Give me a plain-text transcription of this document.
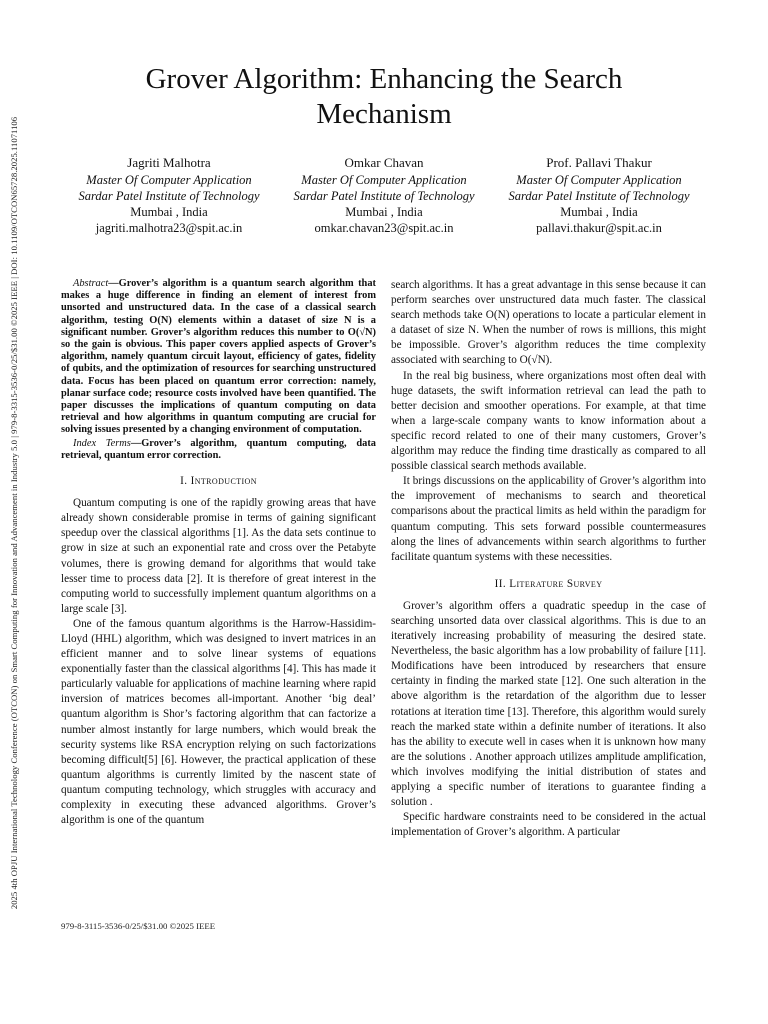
2025 4th OPJU International Technology Conference (OTCON) on Smart Computing for Innovation and Advancement in Industry 5.0 | 979-8-3315-3536-0/25/$31.00 ©2025 IEEE | DOI: 10.1109/OTCON65728.2025.11071106
Grover Algorithm: Enhancing the Search Mechanism
Jagriti Malhotra
Master Of Computer Application
Sardar Patel Institute of Technology
Mumbai , India
jagriti.malhotra23@spit.ac.in
Omkar Chavan
Master Of Computer Application
Sardar Patel Institute of Technology
Mumbai , India
omkar.chavan23@spit.ac.in
Prof. Pallavi Thakur
Master Of Computer Application
Sardar Patel Institute of Technology
Mumbai , India
pallavi.thakur@spit.ac.in

Abstract—Grover’s algorithm is a quantum search algorithm that makes a huge difference in finding an element of interest from unsorted and unstructured data. In the case of a classical search algorithm, testing O(N) elements within a dataset of size N is a significant number. Grover’s algorithm reduces this number to O(√N) so the gain is obvious. This paper covers applied aspects of Grover’s algorithm, namely quantum circuit layout, efficiency of gates, fidelity of qubits, and the optimization of resources for searching unstructured data. Focus has been placed on quantum error correction: namely, planar surface code; resource costs involved have been quantified. The paper discusses the implications of quantum computing on data retrieval and how algorithms in quantum computing are crucial for solving issues presented by a changing environment of computation.

Index Terms—Grover’s algorithm, quantum computing, data retrieval, quantum error correction.

I. Introduction

Quantum computing is one of the rapidly growing areas that have already shown considerable promise in terms of gaining significant speedup over the classical algorithms [1]. As the data sets continue to grow in size at such an exponential rate and cross over the Petabyte volumes, there is growing demand for algorithms that would take lesser time to process data [2]. It is therefore of great interest in the computing world to successfully implement quantum algorithms on a large scale [3].

One of the famous quantum algorithms is the Harrow-Hassidim-Lloyd (HHL) algorithm, which was designed to invert matrices in an efficient manner and to solve linear systems of equations exponentially faster than the classical algorithms [4]. This has made it particularly valuable for applications of machine learning where rapid inversion of matrices becomes all-important. Another ‘big deal’ quantum algorithm is Shor’s factoring algorithm that can factorize a number almost instantly for large numbers, which would break the security systems like RSA encryption relying on such factorizations becoming difficult[5] [6]. However, the practical application of these quantum algorithms is currently limited by the nascent state of quantum computing technology, which struggles with accuracy and complexity in executing these advanced algorithms. Grover’s algorithm is one of the quantum

search algorithms. It has a great advantage in this sense because it can perform searches over unstructured data much faster. The classical search methods take O(N) operations to locate a particular element in a dataset of size N. When the number of rows is millions, this might be impossible. Grover’s algorithm reduces the time complexity associated with searching to O(√N).

In the real big business, where organizations most often deal with huge datasets, the swift information retrieval can lead the path to better decision and smoother operations. For example, at that time when a large-scale company wants to know information about a specific record related to one of their many customers, Grover’s algorithm may reduce the finding time drastically as compared to all possible classical search methods available.

It brings discussions on the applicability of Grover’s algorithm into the improvement of mechanisms to search and theoretical comparisons about the practical limits as held within the paradigm for quantum computing. This sets forward possible countermeasures along the lines of advancements within search algorithms to further facilitate quantum systems with these necessities.

II. Literature Survey

Grover’s algorithm offers a quadratic speedup in the case of searching unsorted data over classical algorithms. This is due to an iteratively increasing probability of measuring the desired state. Nevertheless, the basic algorithm has a low probability of failure [11]. Modifications have been introduced by researchers that ensure certainty in finding the marked state [12]. One such alteration in the above algorithm is the retardation of the algorithm due to lesser rotations at iteration time [13]. Therefore, this algorithm would surely reach the marked state within a definite number of iterations. It also has the ability to execute well in cases when it is unknown how many are the solutions . Another approach utilizes amplitude amplification, which involves modifying the initial distribution of states and applying a specific number of iterations to guarantee finding a solution .

Specific hardware constraints need to be considered in the actual implementation of Grover’s algorithm. A particular

979-8-3115-3536-0/25/$31.00 ©2025 IEEE
